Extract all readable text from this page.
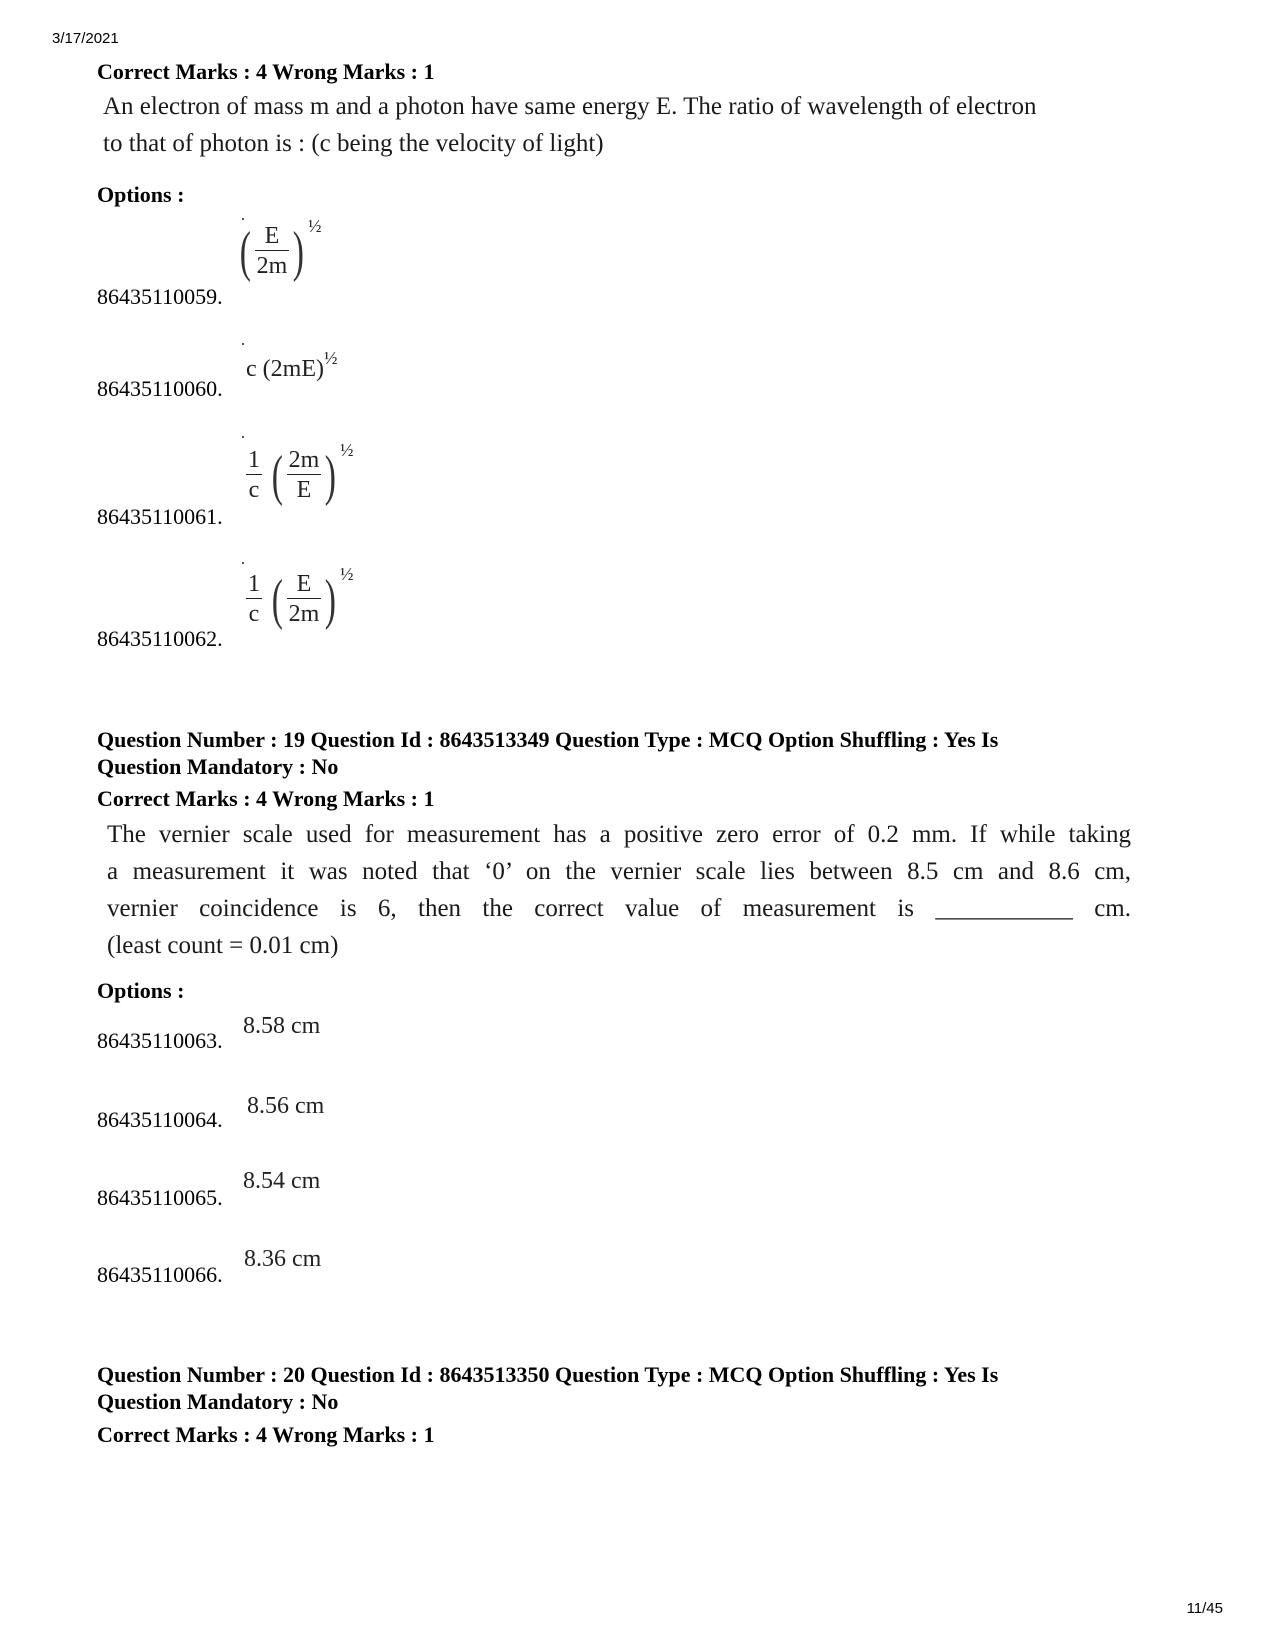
3/17/2021
11/45
Correct Marks : 4 Wrong Marks : 1
An electron of mass m and a photon have same energy E. The ratio of wavelength of electron
to that of photon is : (c being the velocity of light)
Options :
86435110059.
( $\frac{E}{2m}$ ) $^{\frac{1}{2}}$
86435110060.
c $(2mE)^{\frac{1}{2}}$
86435110061.
$\frac{1}{c}$ ( $\frac{2m}{E}$ ) $^{\frac{1}{2}}$
86435110062.
$\frac{1}{c}$ ( $\frac{E}{2m}$ ) $^{\frac{1}{2}}$
Question Number : 19 Question Id : 8643513349 Question Type : MCQ Option Shuffling : Yes Is
Question Mandatory : No
Correct Marks : 4 Wrong Marks : 1
The vernier scale used for measurement has a positive zero error of 0.2 mm. If while taking
a measurement it was noted that ‘0’ on the vernier scale lies between 8.5 cm and 8.6 cm,
vernier coincidence is 6, then the correct value of measurement is ___________ cm.
(least count = 0.01 cm)
Options :
86435110063.
8.58 cm
86435110064.
8.56 cm
86435110065.
8.54 cm
86435110066.
8.36 cm
Question Number : 20 Question Id : 8643513350 Question Type : MCQ Option Shuffling : Yes Is
Question Mandatory : No
Correct Marks : 4 Wrong Marks : 1
